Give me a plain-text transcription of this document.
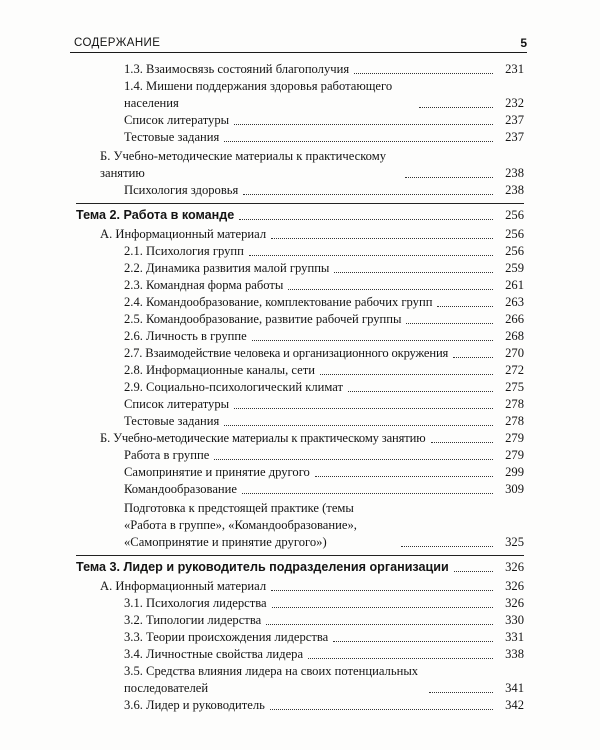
СОДЕРЖАНИЕ	5
1.3. Взаимосвязь состояний благополучия	231
1.4. Мишени поддержания здоровья работающего населения	232
Список литературы	237
Тестовые задания	237
Б. Учебно-методические материалы к практическому занятию	238
Психология здоровья	238
Тема 2. Работа в команде	256
А. Информационный материал	256
2.1. Психология групп	256
2.2. Динамика развития малой группы	259
2.3. Командная форма работы	261
2.4. Командообразование, комплектование рабочих групп	263
2.5. Командообразование, развитие рабочей группы	266
2.6. Личность в группе	268
2.7. Взаимодействие человека и организационного окружения	270
2.8. Информационные каналы, сети	272
2.9. Социально-психологический климат	275
Список литературы	278
Тестовые задания	278
Б. Учебно-методические материалы к практическому занятию	279
Работа в группе	279
Самопринятие и принятие другого	299
Командообразование	309
Подготовка к предстоящей практике (темы «Работа в группе», «Командообразование», «Самопринятие и принятие другого»)	325
Тема 3. Лидер и руководитель подразделения организации	326
А. Информационный материал	326
3.1. Психология лидерства	326
3.2. Типологии лидерства	330
3.3. Теории происхождения лидерства	331
3.4. Личностные свойства лидера	338
3.5. Средства влияния лидера на своих потенциальных последователей	341
3.6. Лидер и руководитель	342
